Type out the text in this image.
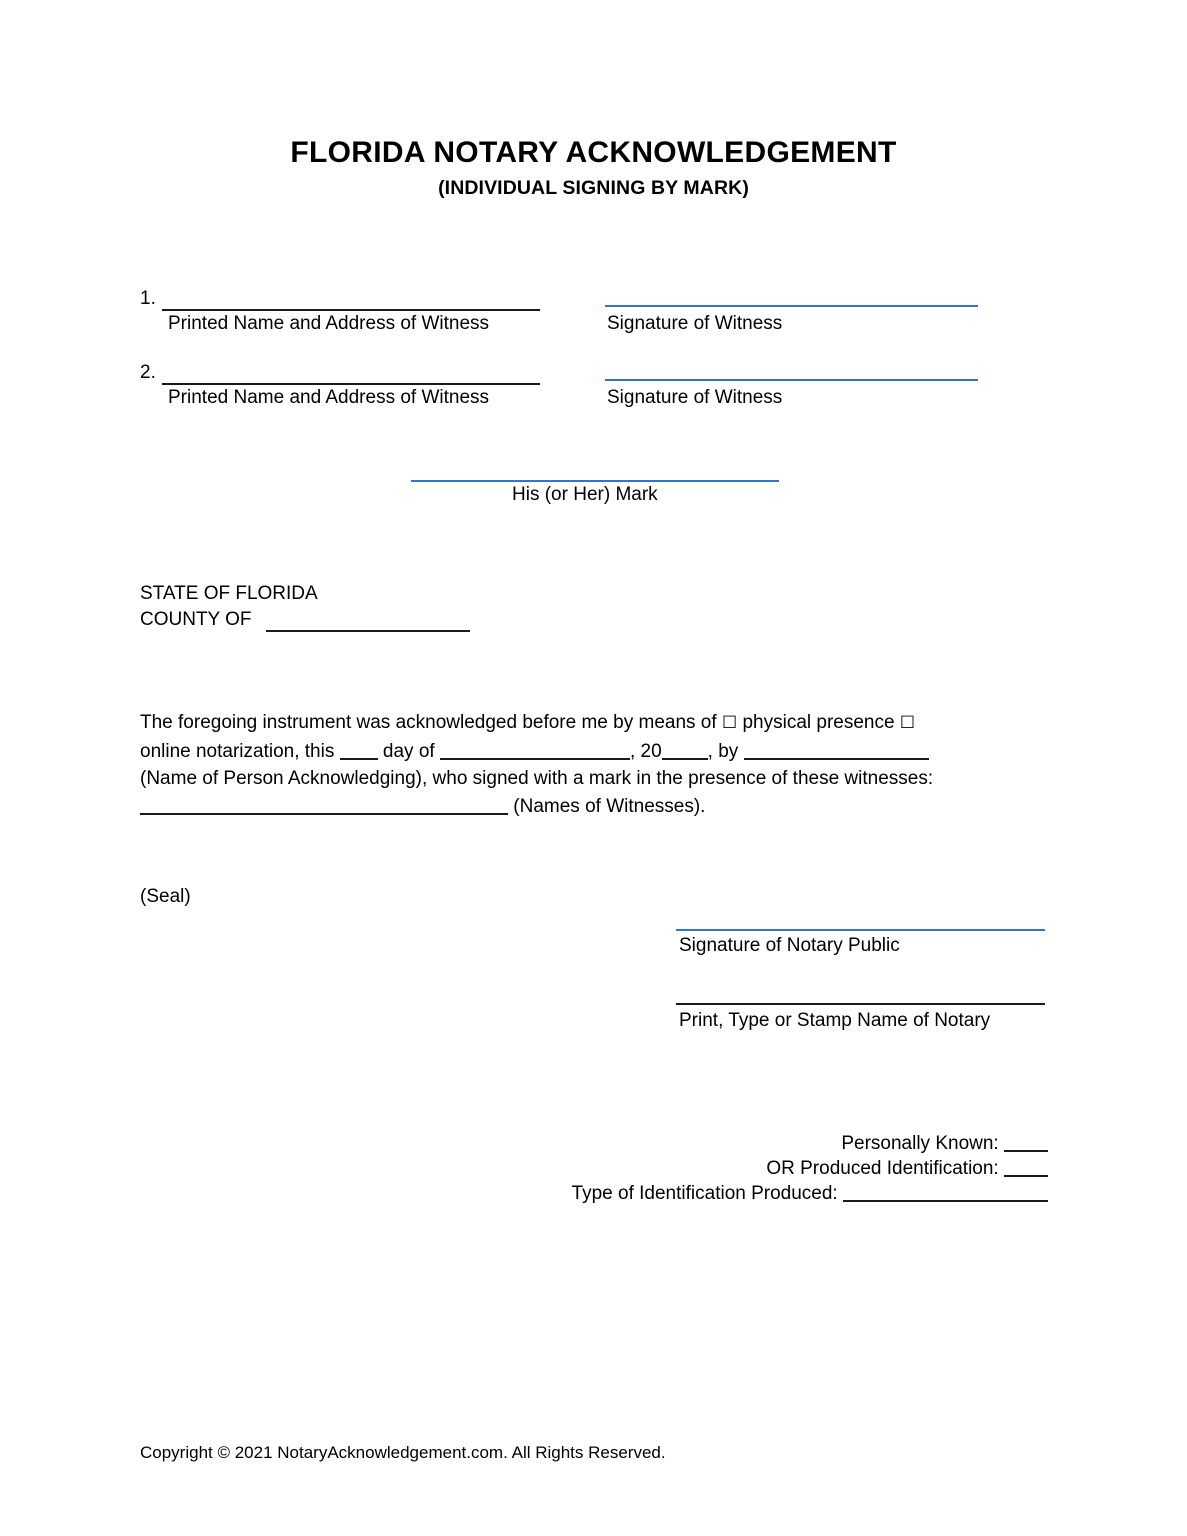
FLORIDA NOTARY ACKNOWLEDGEMENT
(INDIVIDUAL SIGNING BY MARK)
1.
Printed Name and Address of Witness	Signature of Witness
2.
Printed Name and Address of Witness	Signature of Witness
His (or Her) Mark
STATE OF FLORIDA
COUNTY OF
The foregoing instrument was acknowledged before me by means of ☐ physical presence ☐
online notarization, this	day of	, 20 , by
(Name of Person Acknowledging), who signed with a mark in the presence of these witnesses:
(Names of Witnesses).
(Seal)
Signature of Notary Public
Print, Type or Stamp Name of Notary
Personally Known:
OR Produced Identification:
Type of Identification Produced:
Copyright © 2021 NotaryAcknowledgement.com. All Rights Reserved.
